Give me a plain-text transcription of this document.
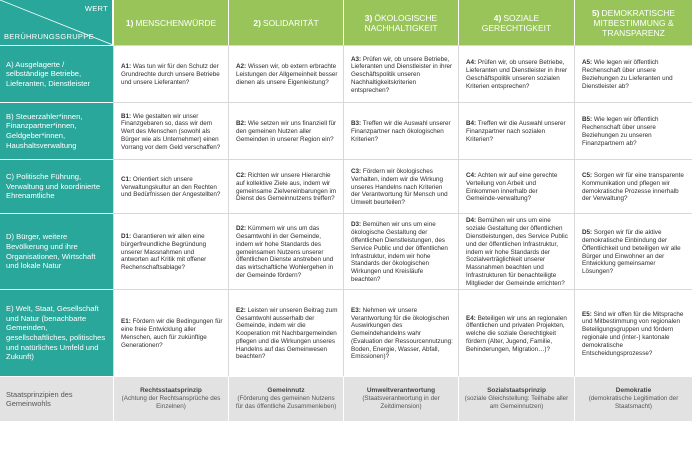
WERT
BERÜHRUNGSGRUPPE
1) MENSCHENWÜRDE	2) SOLIDARITÄT	3) ÖKOLOGISCHE NACHHALTIGKEIT
4) SOZIALE GERECHTIGKEIT
5) DEMOKRATISCHE MITBESTIMMUNG & TRANSPARENZ
A) Ausgelagerte / selbständige Betriebe, Lieferanten, Dienstleister
A1: Was tun wir für den Schutz der Grundrechte durch unsere Betriebe und unsere Lieferanten?
A2: Wissen wir, ob extern erbrachte Leistungen der Allgemeinheit besser dienen als unsere Eigenleistung?
A3: Prüfen wir, ob unsere Betriebe, Lieferanten und Dienstleister in ihrer Geschäftspolitik unseren Nachhaltigkeitskriterien entsprechen?
A4: Prüfen wir, ob unsere Betriebe, Lieferanten und Dienstleister in ihrer Geschäftspolitik unseren sozialen Kriterien entsprechen?
A5: Wie legen wir öffentlich Rechenschaft über unsere Beziehungen zu Lieferanten und Dienstleister ab?
B) Steuerzahler*innen, Finanzpartner*innen, Geldgeber*innen, Haushaltsverwaltung
B1: Wie gestalten wir unser Finanzgebaren so, dass wir dem Wert des Menschen (sowohl als Bürger wie als Unternehmer) einen Vorrang vor dem Geld verschaffen?
B2: Wie setzen wir uns finanziell für den gemeinen Nutzen aller Gemeinden in unserer Region ein?
B3: Treffen wir die Auswahl unserer Finanzpartner nach ökologischen Kriterien?
B4: Treffen wir die Auswahl unserer Finanzpartner nach sozialen Kriterien?
B5: Wie legen wir öffentlich Rechenschaft über unsere Beziehungen zu unseren Finanzpartnern ab?
C) Politische Führung, Verwaltung und koordinierte Ehrenamtliche
C1: Orientiert sich unsere Verwaltungskultur an den Rechten und Bedürfnissen der Angestellten?
C2: Richten wir unsere Hierarchie auf kollektive Ziele aus, indem wir gemeinsame Zielvereinbarungen im Dienst des Gemeinnutzens treffen?
C3: Fördern wir ökologisches Verhalten, indem wir die Wirkung unseres Handelns nach Kriterien der Verantwortung für Mensch und Umwelt beurteilen?
C4: Achten wir auf eine gerechte Verteilung von Arbeit und Einkommen innerhalb der Gemeinde-verwaltung?
C5: Sorgen wir für eine transparente Kommunikation und pflegen wir demokratische Prozesse innerhalb der Verwaltung?
D) Bürger, weitere Bevölkerung und ihre Organisationen, Wirtschaft und lokale Natur
D1: Garantieren wir allen eine bürgerfreundliche Begründung unserer Massnahmen und antworten auf Kritik mit offener Rechenschaftsablage?
D2: Kümmern wir uns um das Gesamtwohl in der Gemeinde, indem wir hohe Standards des gemeinsamen Nutzens unserer öffentlichen Dienste anstreben und das wirtschaftliche Wohlergehen in der Gemeinde fördern?
D3: Bemühen wir uns um eine ökologische Gestaltung der öffentlichen Dienstleistungen, des Service Public und der öffentlichen Infrastruktur, indem wir hohe Standards der ökologischen Wirkungen und Kreisläufe beachten?
D4: Bemühen wir uns um eine soziale Gestaltung der öffentlichen Dienstleistungen, des Service Public und der öffentlichen Infrastruktur, indem wir hohe Standards der Sozialverträglichkeit unserer Massnahmen beachten und Infrastrukturen für benachteiligte Mitglieder der Gemeinde errichten?
D5: Sorgen wir für die aktive demokratische Einbindung der Öffentlichkeit und beteiligen wir alle Bürger und Einwohner an der Entwicklung gemeinsamer Lösungen?
E) Welt, Staat, Gesellschaft und Natur (benachbarte Gemeinden, gesellschaftliches, politisches und natürliches Umfeld und Zukunft)
E1: Fördern wir die Bedingungen für eine freie Entwicklung aller Menschen, auch für zukünftige Generationen?
E2: Leisten wir unseren Beitrag zum Gesamtwohl ausserhalb der Gemeinde, indem wir die Kooperation mit Nachbargemeinden pflegen und die Wirkungen unseres Handelns auf das Gemeinwesen beachten?
E3: Nehmen wir unsere Verantwortung für die ökologischen Auswirkungen des Gemeindehandelns wahr (Evaluation der Ressourcennutzung: Boden, Energie, Wasser, Abfall, Emissionen)?
E4: Beteiligen wir uns an regionalen öffentlichen und privaten Projekten, welche die soziale Gerechtigkeit fördern (Alter, Jugend, Familie, Behinderungen, Migration…)?
E5: Sind wir offen für die Mitsprache und Mitbestimmung von regionalen Beteiligungsgruppen und fördern regionale und (inter-) kantonale demokratische Entscheidungsprozesse?
Staatsprinzipien des Gemeinwohls
Rechtsstaatsprinzip
(Achtung der Rechtsansprüche des Einzelnen)
Gemeinnutz
(Förderung des gemeinen Nutzens für das öffentliche Zusammenleben)
Umweltverantwortung
(Staatsverantwortung in der Zeitdimension)
Sozialstaatsprinzip
(soziale Gleichstellung: Teilhabe aller am Gemeinnutzen)
Demokratie
(demokratische Legitimation der Staatsmacht)
